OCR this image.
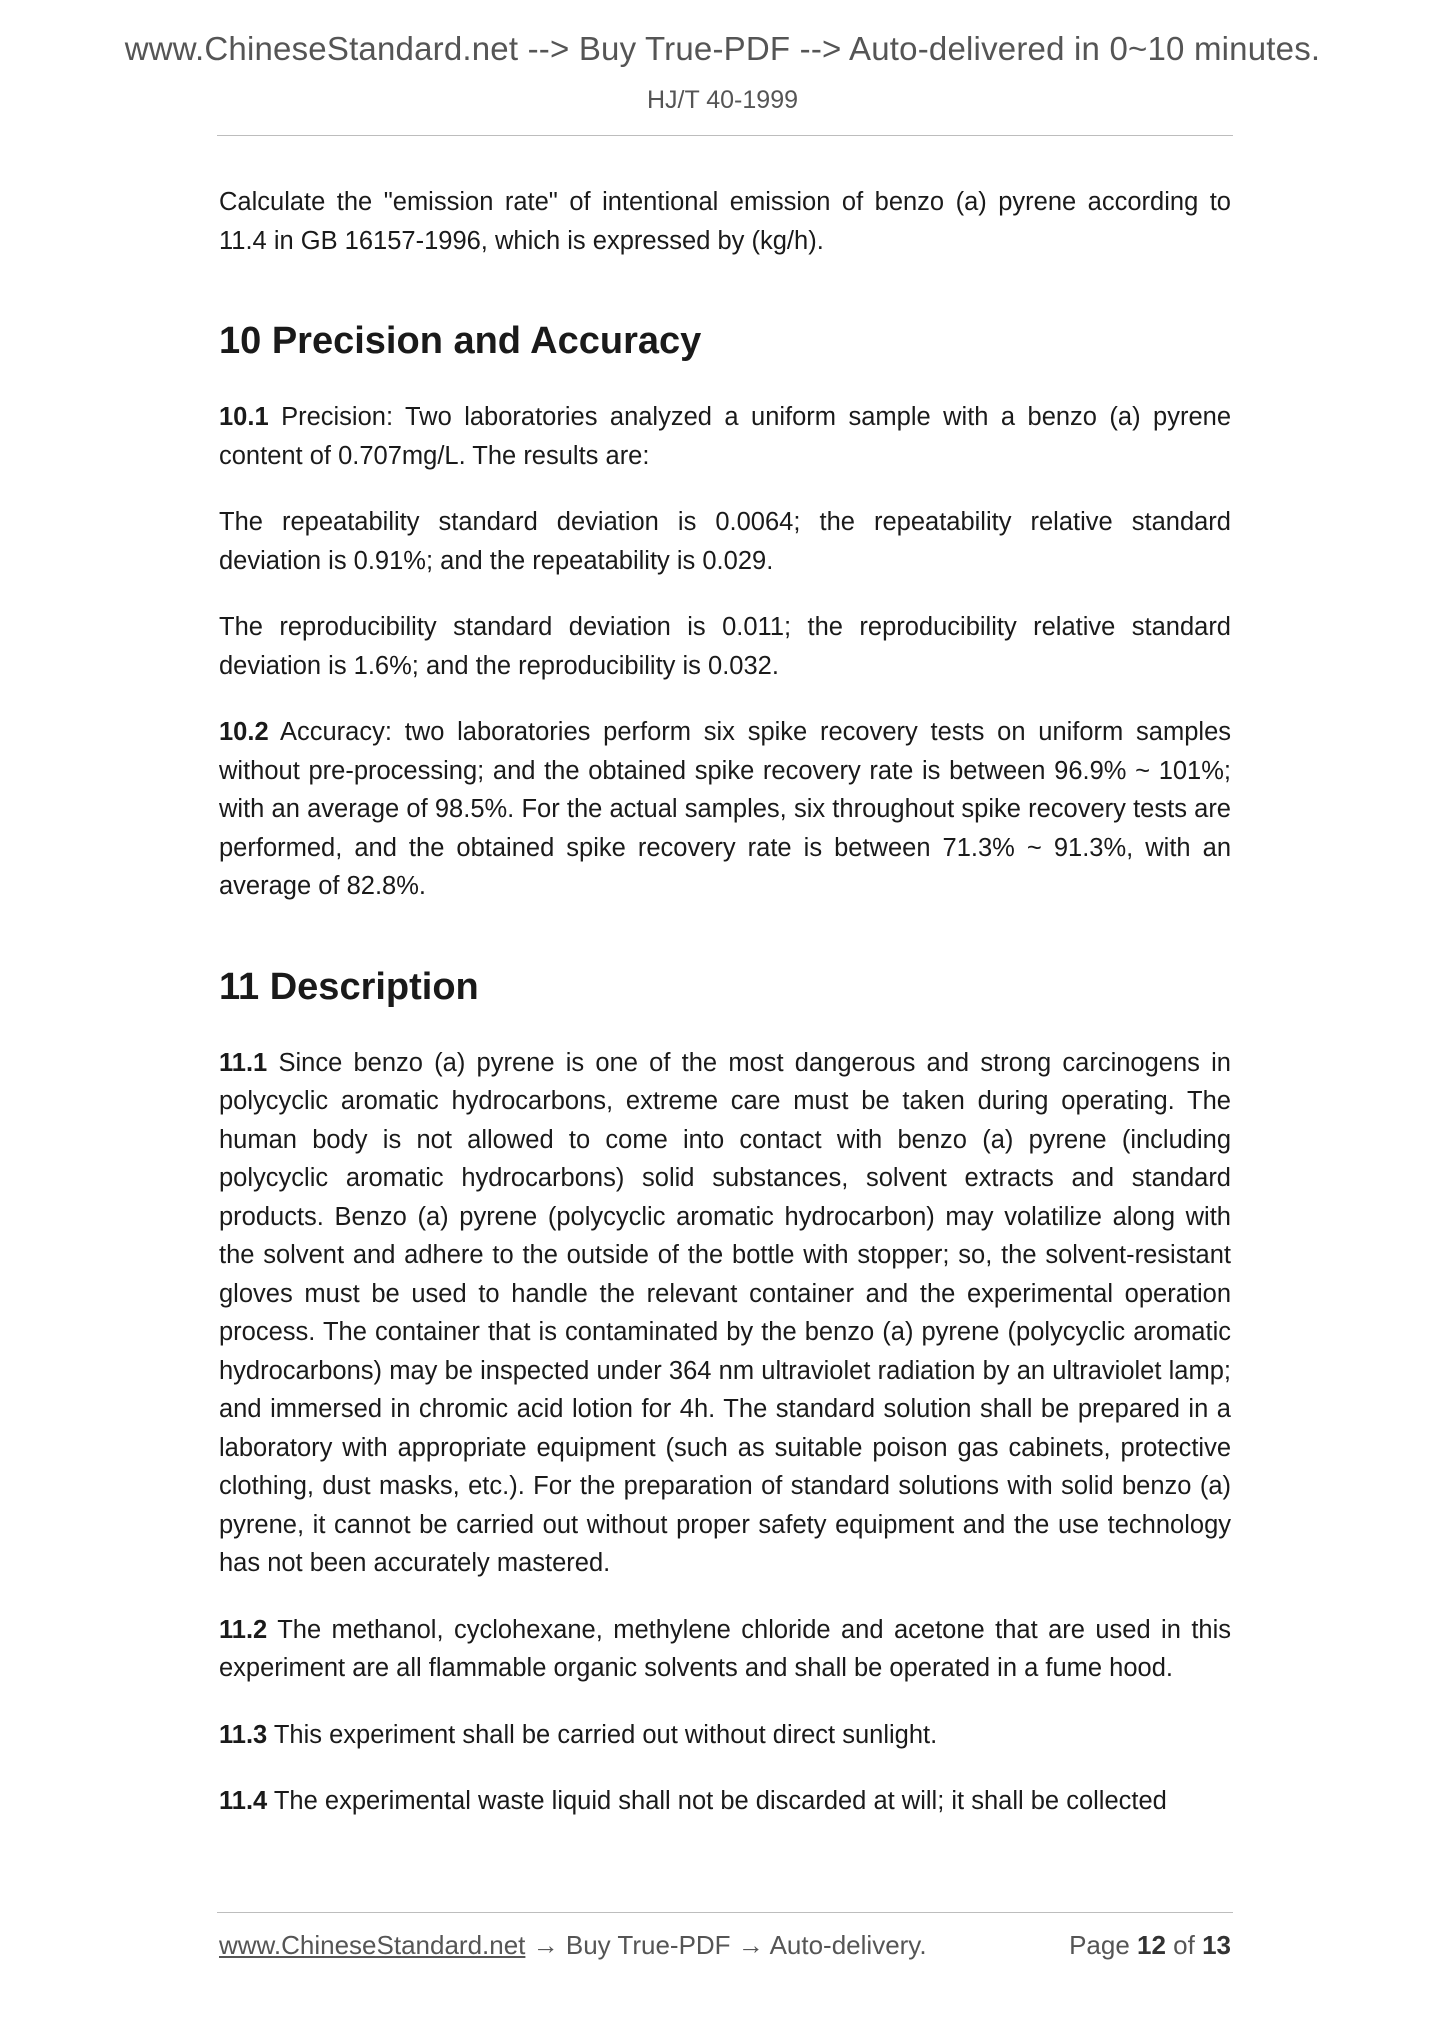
www.ChineseStandard.net --> Buy True-PDF --> Auto-delivered in 0~10 minutes.
HJ/T 40-1999

Calculate the "emission rate" of intentional emission of benzo (a) pyrene according to 11.4 in GB 16157-1996, which is expressed by (kg/h).

10 Precision and Accuracy

10.1 Precision: Two laboratories analyzed a uniform sample with a benzo (a) pyrene content of 0.707mg/L. The results are:

The repeatability standard deviation is 0.0064; the repeatability relative standard deviation is 0.91%; and the repeatability is 0.029.

The reproducibility standard deviation is 0.011; the reproducibility relative standard deviation is 1.6%; and the reproducibility is 0.032.

10.2 Accuracy: two laboratories perform six spike recovery tests on uniform samples without pre-processing; and the obtained spike recovery rate is between 96.9% ~ 101%; with an average of 98.5%. For the actual samples, six throughout spike recovery tests are performed, and the obtained spike recovery rate is between 71.3% ~ 91.3%, with an average of 82.8%.

11 Description

11.1 Since benzo (a) pyrene is one of the most dangerous and strong carcinogens in polycyclic aromatic hydrocarbons, extreme care must be taken during operating. The human body is not allowed to come into contact with benzo (a) pyrene (including polycyclic aromatic hydrocarbons) solid substances, solvent extracts and standard products. Benzo (a) pyrene (polycyclic aromatic hydrocarbon) may volatilize along with the solvent and adhere to the outside of the bottle with stopper; so, the solvent-resistant gloves must be used to handle the relevant container and the experimental operation process. The container that is contaminated by the benzo (a) pyrene (polycyclic aromatic hydrocarbons) may be inspected under 364 nm ultraviolet radiation by an ultraviolet lamp; and immersed in chromic acid lotion for 4h. The standard solution shall be prepared in a laboratory with appropriate equipment (such as suitable poison gas cabinets, protective clothing, dust masks, etc.). For the preparation of standard solutions with solid benzo (a) pyrene, it cannot be carried out without proper safety equipment and the use technology has not been accurately mastered.

11.2 The methanol, cyclohexane, methylene chloride and acetone that are used in this experiment are all flammable organic solvents and shall be operated in a fume hood.

11.3 This experiment shall be carried out without direct sunlight.

11.4 The experimental waste liquid shall not be discarded at will; it shall be collected

www.ChineseStandard.net → Buy True-PDF → Auto-delivery.	Page 12 of 13
